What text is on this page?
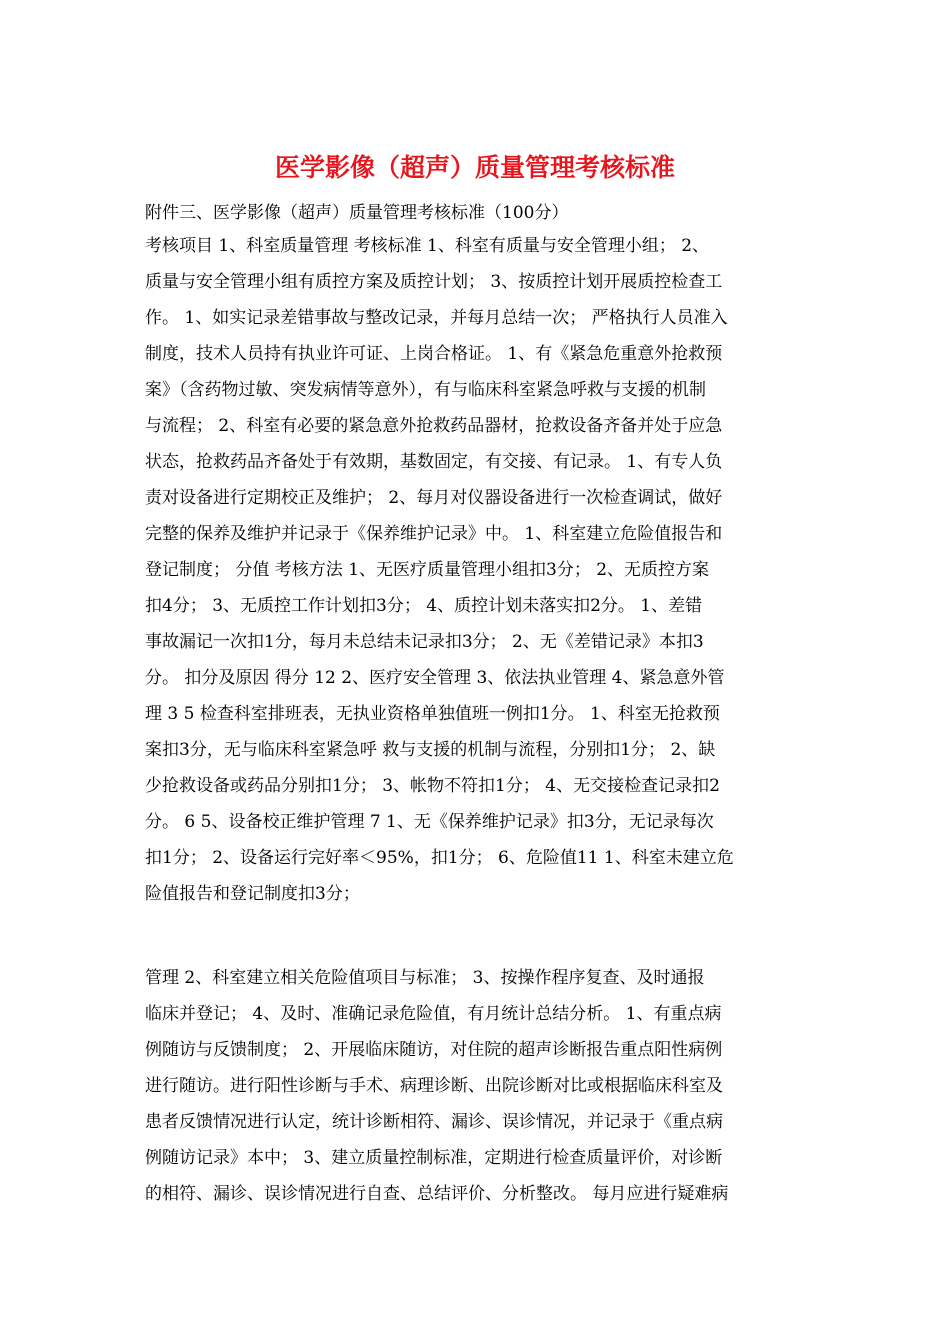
医学影像（超声）质量管理考核标准
附件三、医学影像（超声）质量管理考核标准（100分）
考核项目 1、科室质量管理 考核标准 1、科室有质量与安全管理小组； 2、
质量与安全管理小组有质控方案及质控计划； 3、按质控计划开展质控检查工
作。 1、如实记录差错事故与整改记录，并每月总结一次； 严格执行人员准入
制度，技术人员持有执业许可证、上岗合格证。 1、有《紧急危重意外抢救预
案》（含药物过敏、突发病情等意外），有与临床科室紧急呼救与支援的机制
与流程； 2、科室有必要的紧急意外抢救药品器材，抢救设备齐备并处于应急
状态，抢救药品齐备处于有效期，基数固定，有交接、有记录。 1、有专人负
责对设备进行定期校正及维护； 2、每月对仪器设备进行一次检查调试，做好
完整的保养及维护并记录于《保养维护记录》中。 1、科室建立危险值报告和
登记制度； 分值 考核方法 1、无医疗质量管理小组扣3分； 2、无质控方案
扣4分； 3、无质控工作计划扣3分； 4、质控计划未落实扣2分。 1、差错
事故漏记一次扣1分，每月未总结未记录扣3分； 2、无《差错记录》本扣3
分。 扣分及原因 得分 12 2、医疗安全管理 3、依法执业管理 4、紧急意外管
理 3 5 检查科室排班表，无执业资格单独值班一例扣1分。 1、科室无抢救预
案扣3分，无与临床科室紧急呼 救与支援的机制与流程，分别扣1分； 2、缺
少抢救设备或药品分别扣1分； 3、帐物不符扣1分； 4、无交接检查记录扣2
分。 6 5、设备校正维护管理 7 1、无《保养维护记录》扣3分，无记录每次
扣1分； 2、设备运行完好率＜95%，扣1分； 6、危险值11 1、科室未建立危
险值报告和登记制度扣3分；
管理 2、科室建立相关危险值项目与标准； 3、按操作程序复查、及时通报
临床并登记； 4、及时、准确记录危险值，有月统计总结分析。 1、有重点病
例随访与反馈制度； 2、开展临床随访，对住院的超声诊断报告重点阳性病例
进行随访。进行阳性诊断与手术、病理诊断、出院诊断对比或根据临床科室及
患者反馈情况进行认定，统计诊断相符、漏诊、误诊情况，并记录于《重点病
例随访记录》本中； 3、建立质量控制标准，定期进行检查质量评价，对诊断
的相符、漏诊、误诊情况进行自查、总结评价、分析整改。 每月应进行疑难病
